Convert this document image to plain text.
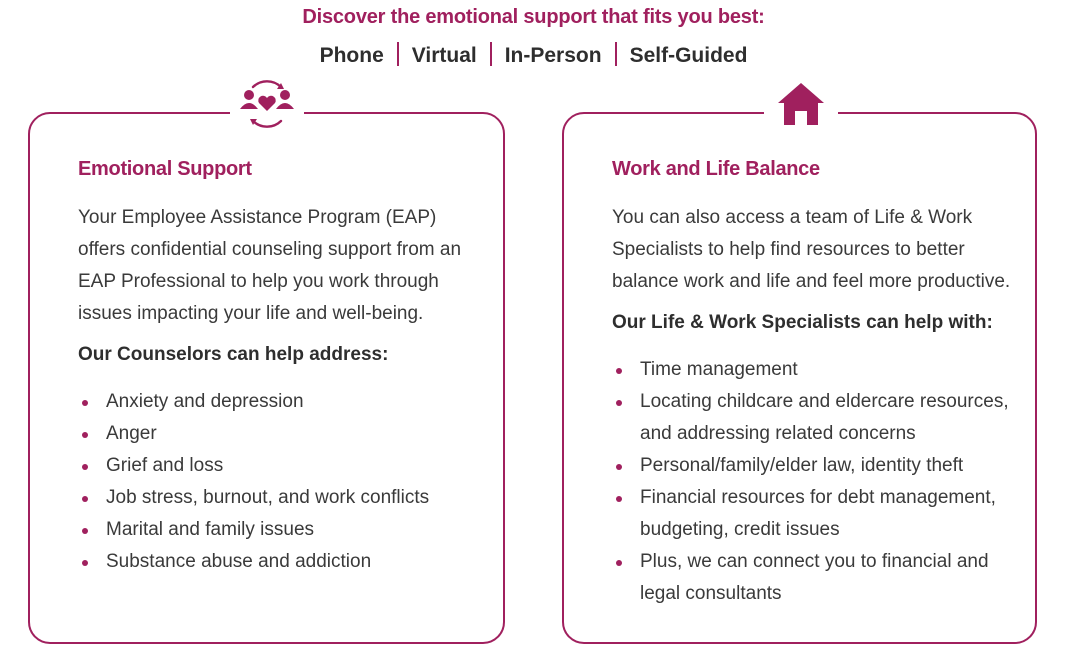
Discover the emotional support that fits you best:
Phone Virtual In-Person Self-Guided
Emotional Support

Your Employee Assistance Program (EAP) offers confidential counseling support from an EAP Professional to help you work through issues impacting your life and well-being.

Our Counselors can help address:
Anxiety and depression
Anger
Grief and loss
Job stress, burnout, and work conflicts
Marital and family issues
Substance abuse and addiction
Work and Life Balance

You can also access a team of Life & Work Specialists to help find resources to better balance work and life and feel more productive.

Our Life & Work Specialists can help with:
Time management
Locating childcare and eldercare resources, and addressing related concerns
Personal/family/elder law, identity theft
Financial resources for debt management, budgeting, credit issues
Plus, we can connect you to financial and legal consultants
